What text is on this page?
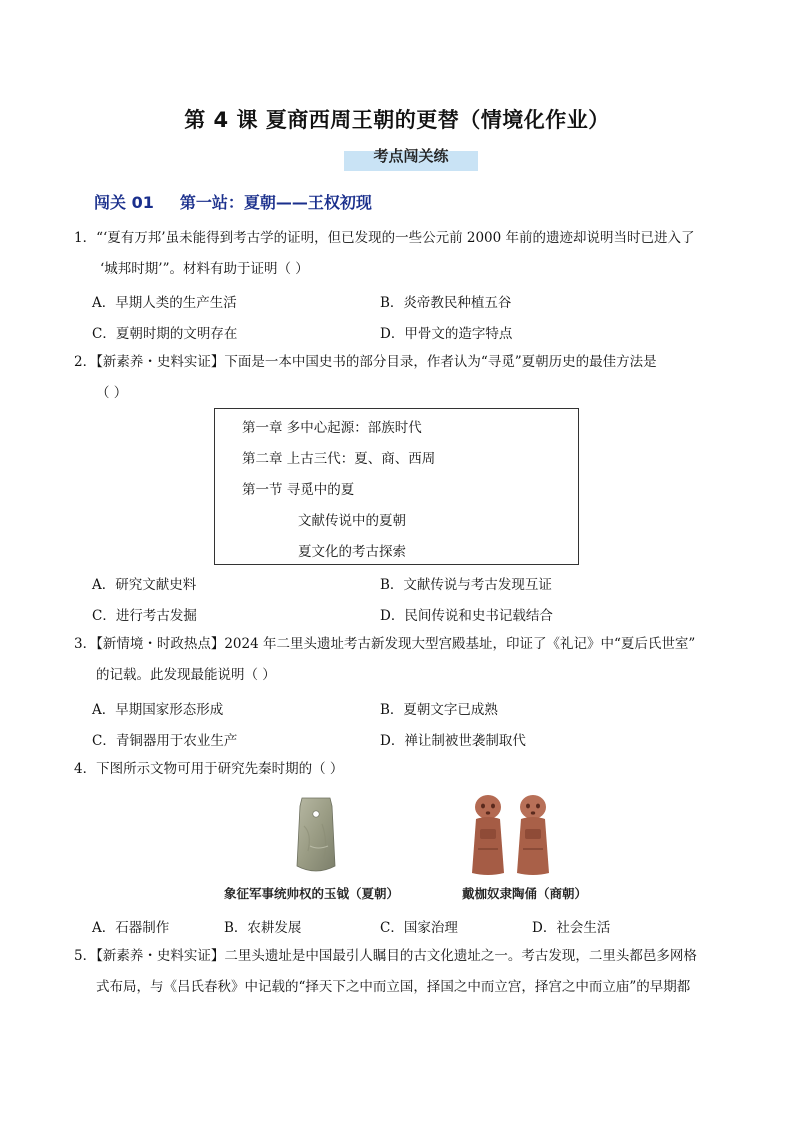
第 4 课 夏商西周王朝的更替（情境化作业）
考点闯关练
闯关 01 第一站：夏朝——王权初现
1．“‘夏有万邦’虽未能得到考古学的证明，但已发现的一些公元前 2000 年前的遗迹却说明当时已进入了
‘城邦时期’”。材料有助于证明（ ）
A．早期人类的生产生活	B．炎帝教民种植五谷
C．夏朝时期的文明存在	D．甲骨文的造字特点
2．【新素养・史料实证】下面是一本中国史书的部分目录，作者认为“寻觅”夏朝历史的最佳方法是
（ ）
第一章 多中心起源：部族时代
第二章 上古三代：夏、商、西周
第一节 寻觅中的夏
文献传说中的夏朝
夏文化的考古探索
A．研究文献史料	B．文献传说与考古发现互证
C．进行考古发掘	D．民间传说和史书记载结合
3．【新情境・时政热点】2024 年二里头遗址考古新发现大型宫殿基址，印证了《礼记》中“夏后氏世室”
的记载。此发现最能说明（ ）
A．早期国家形态形成	B．夏朝文字已成熟
C．青铜器用于农业生产	D．禅让制被世袭制取代
4．下图所示文物可用于研究先秦时期的（ ）
象征军事统帅权的玉钺（夏朝）	戴枷奴隶陶俑（商朝）
A．石器制作	B．农耕发展	C．国家治理	D．社会生活
5．【新素养・史料实证】二里头遗址是中国最引人瞩目的古文化遗址之一。考古发现，二里头都邑多网格
式布局，与《吕氏春秋》中记载的“择天下之中而立国，择国之中而立宫，择宫之中而立庙”的早期都
